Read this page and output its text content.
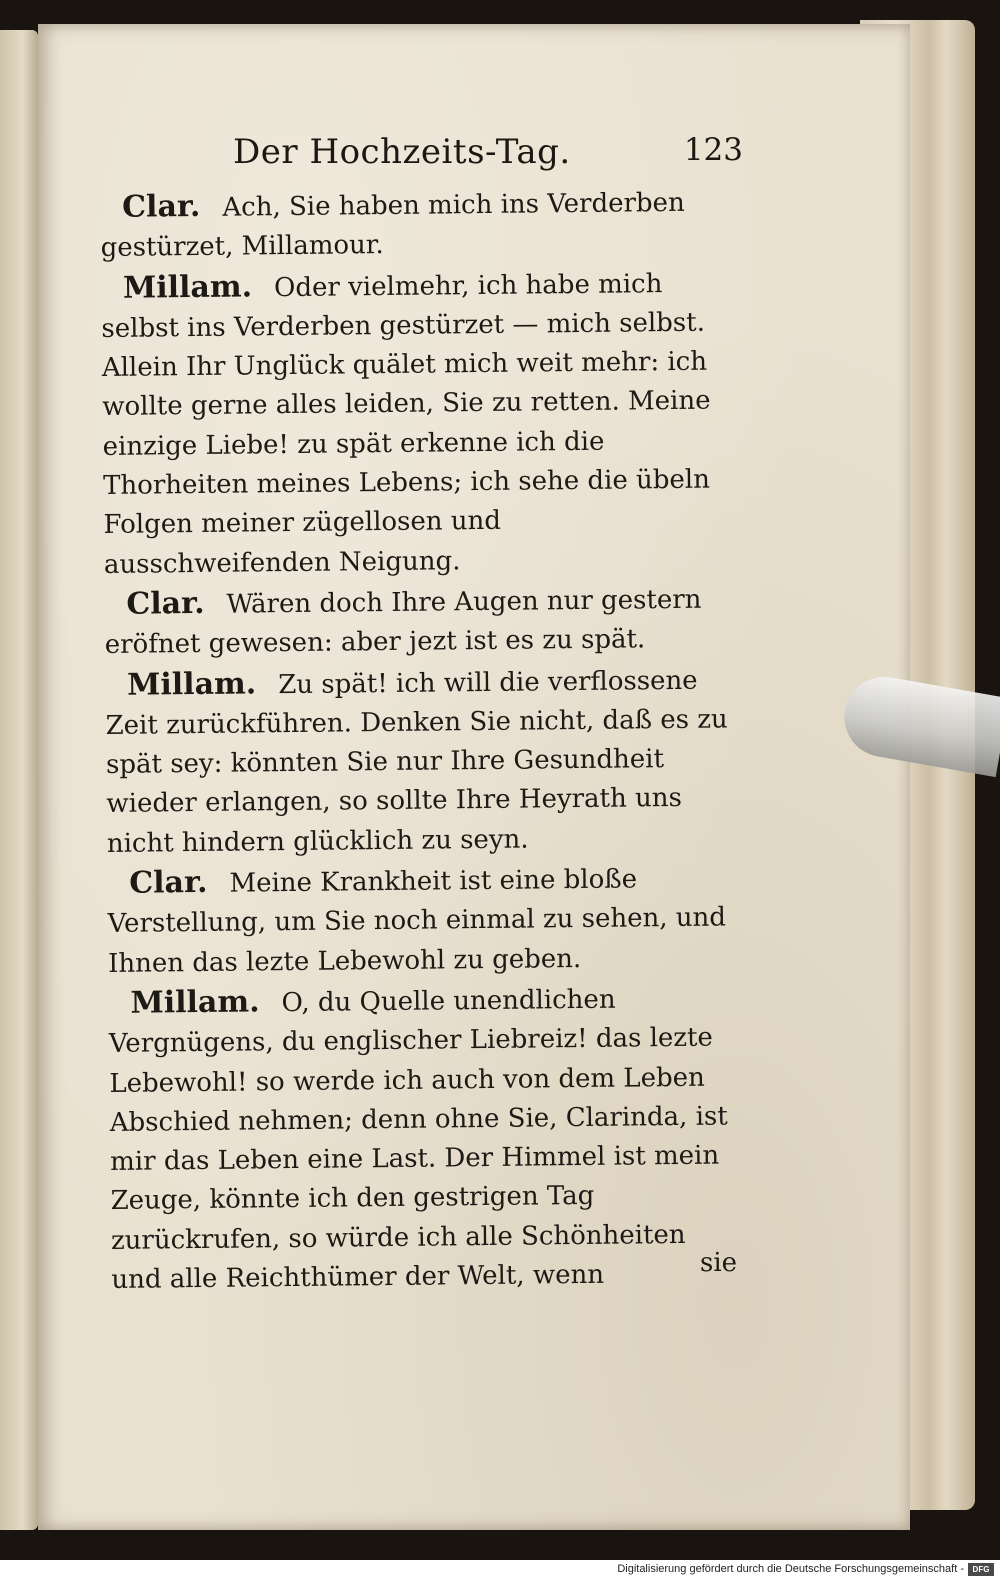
Der Hochzeits-Tag.	123

Clar. Ach, Sie haben mich ins Verderben gestürzet, Millamour.

Millam. Oder vielmehr, ich habe mich selbst ins Verderben gestürzet — mich selbst. Allein Ihr Unglück quälet mich weit mehr: ich wollte gerne alles leiden, Sie zu retten. Meine einzige Liebe! zu spät erkenne ich die Thorheiten meines Lebens; ich sehe die übeln Folgen meiner zügellosen und ausschweifenden Neigung.

Clar. Wären doch Ihre Augen nur gestern eröfnet gewesen: aber jezt ist es zu spät.

Millam. Zu spät! ich will die verflossene Zeit zurückführen. Denken Sie nicht, daß es zu spät sey: könnten Sie nur Ihre Gesundheit wieder erlangen, so sollte Ihre Heyrath uns nicht hindern glücklich zu seyn.

Clar. Meine Krankheit ist eine bloße Verstellung, um Sie noch einmal zu sehen, und Ihnen das lezte Lebewohl zu geben.

Millam. O, du Quelle unendlichen Vergnügens, du englischer Liebreiz! das lezte Lebewohl! so werde ich auch von dem Leben Abschied nehmen; denn ohne Sie, Clarinda, ist mir das Leben eine Last. Der Himmel ist mein Zeuge, könnte ich den gestrigen Tag zurückrufen, so würde ich alle Schönheiten und alle Reichthümer der Welt, wenn	sie
Digitalisierung gefördert durch die Deutsche Forschungsgemeinschaft -	DFG
